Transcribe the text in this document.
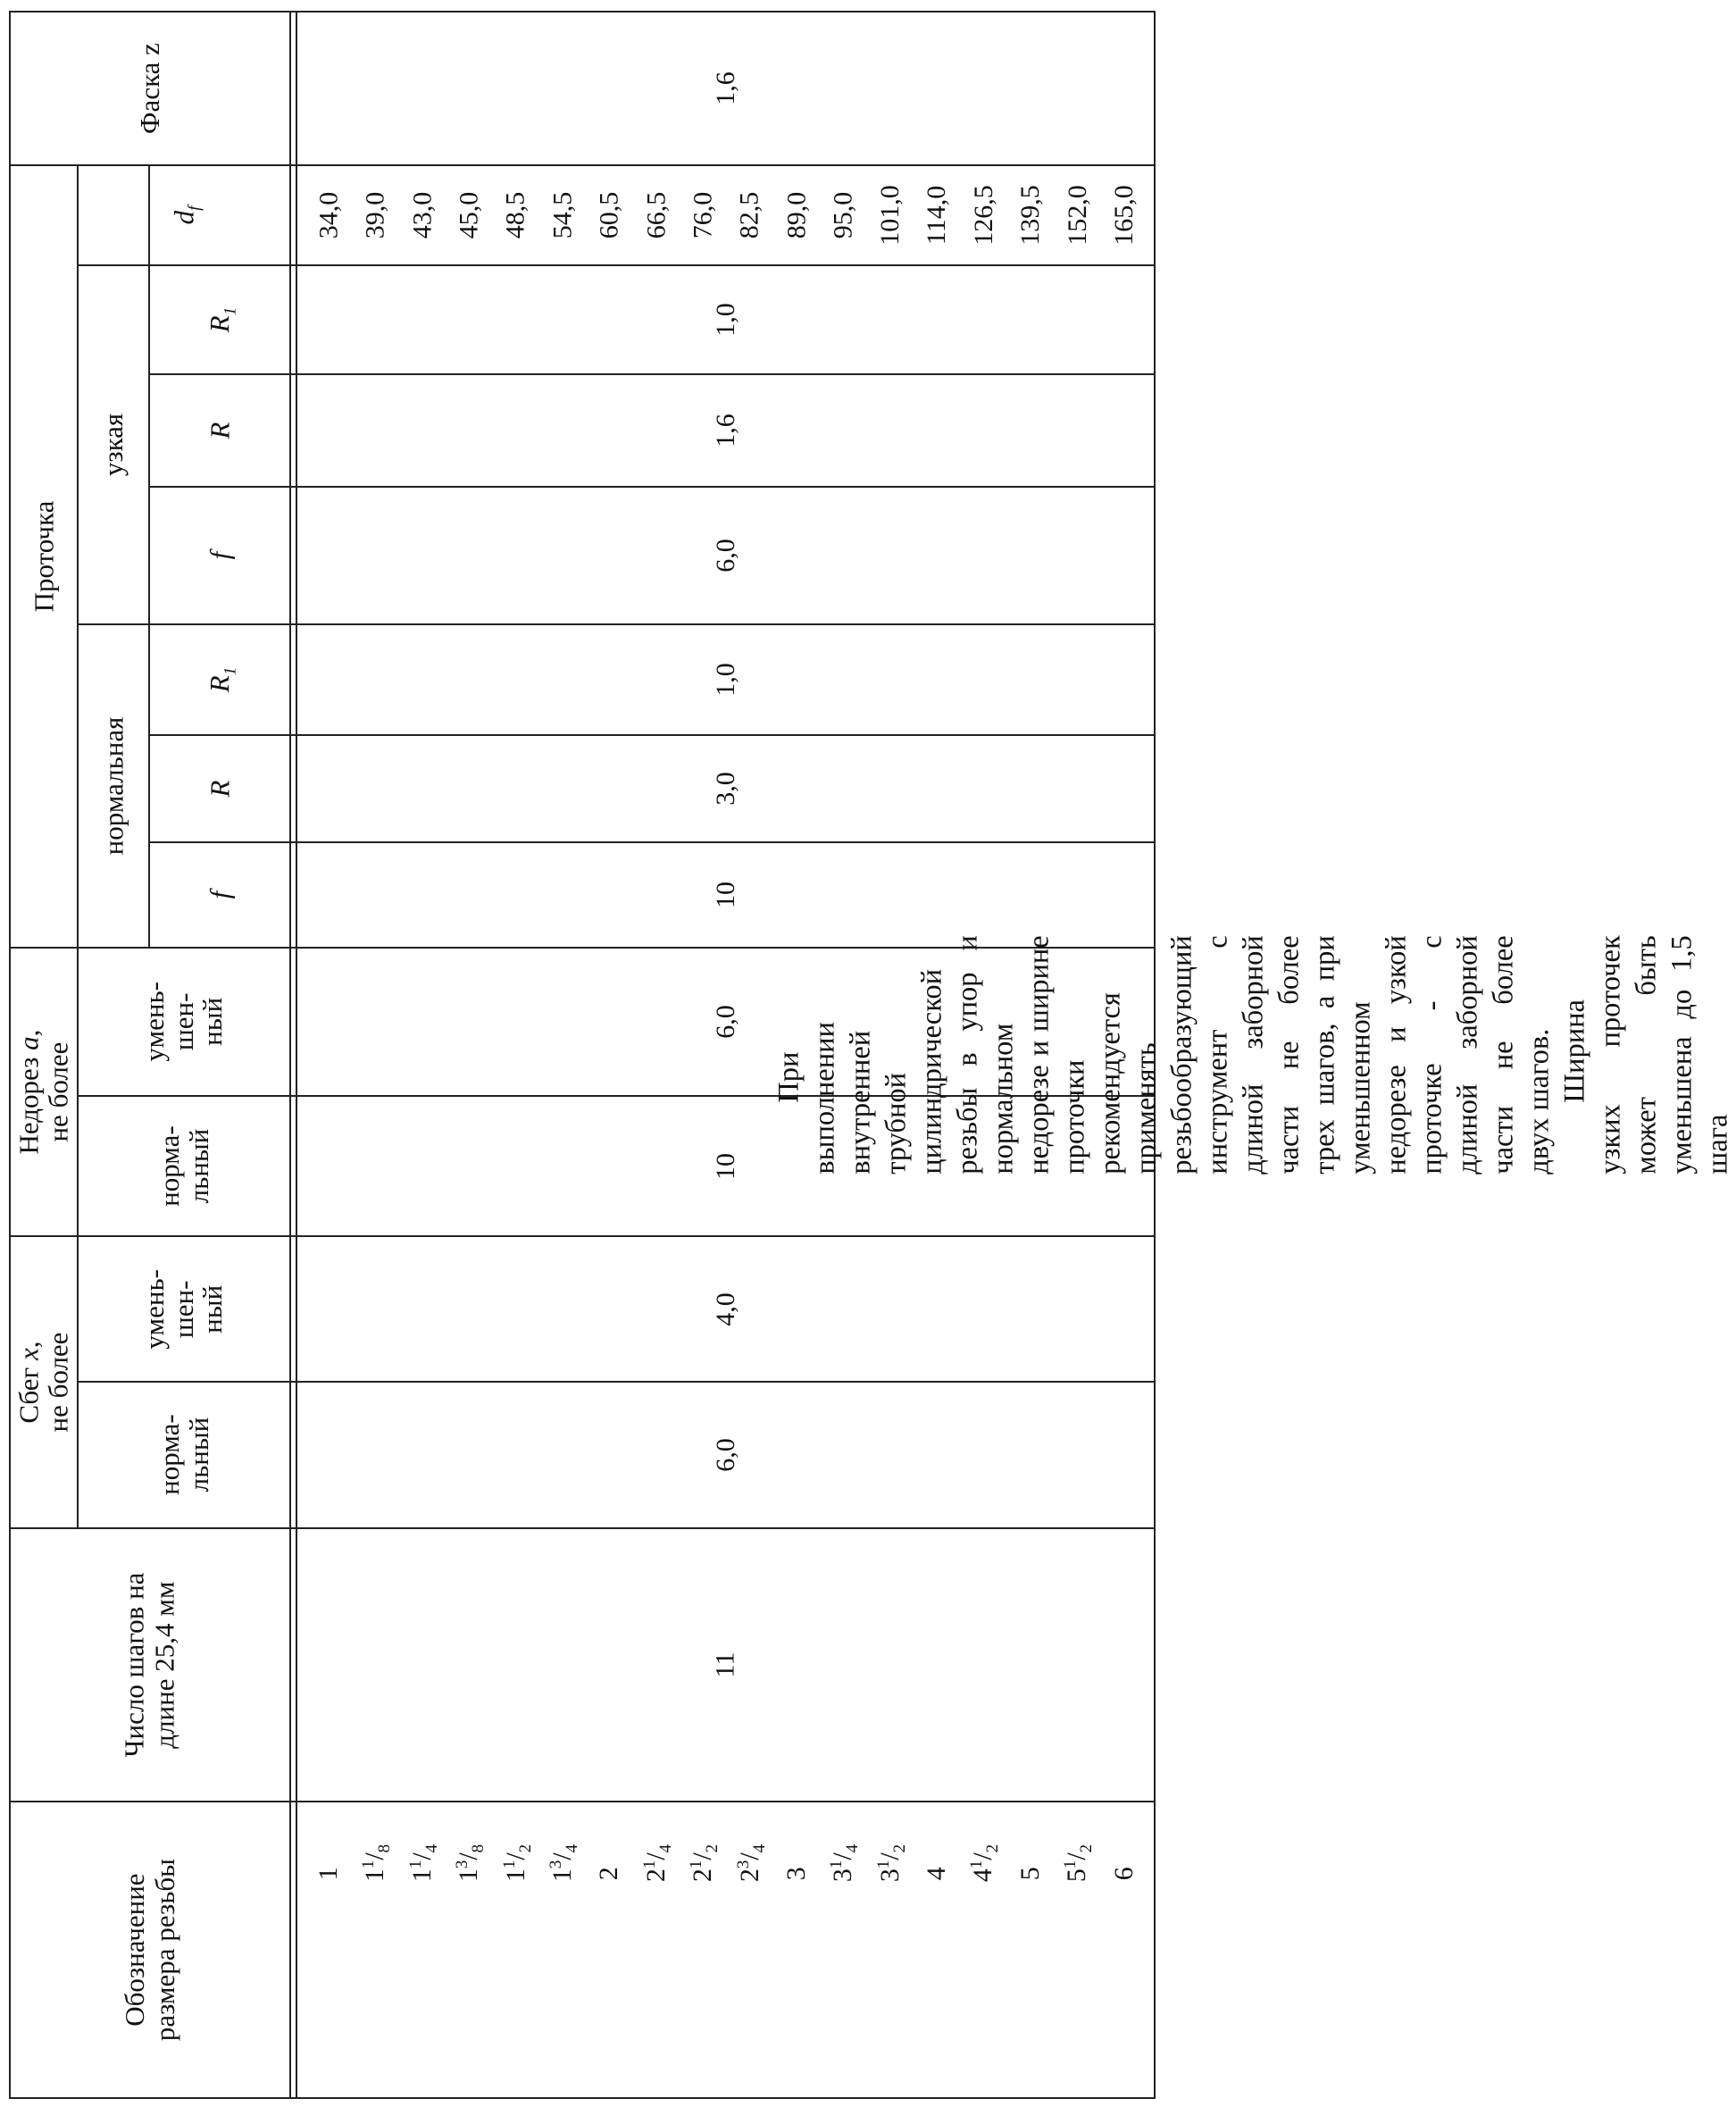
Фаска z
Проточка
$d_f$
узкая
$R_1$
R
f
нормальная
$R_1$
R
f
Недорез a,
не более
умень-
шен-
ный
норма-
льный
Сбег x,
не более
умень-
шен-
ный
норма-
льный
Число шагов на
длине 25,4 мм
Обозначение
размера резьбы
1,6
1,0
1,6
6,0
1,0
3,0
10
6,0
10
4,0
6,0
11
34,0 39,0 43,0 45,0 48,5 54,5 60,5 66,5 76,0 82,5 89,0 95,0 101,0 114,0 126,5 139,5 152,0 165,0
1 $1^1/_8$
$1^1/_4$
$1^3/_8$
$1^1/_2$
$1^3/_4$
2 $2^1/_4$
$2^1/_2$
$2^3/_4$
3 $3^1/_4$
$3^1/_2$
4 $4^1/_2$
5 $5^1/_2$
6

При выполнении внутренней трубной цилиндрической резьбы в упор и нормальном недорезе и ширине проточки рекомендуется применять резьбообразующий инструмент с длиной заборной части не более трех шагов, а при уменьшенном недорезе и узкой проточке - с длиной заборной части не более двух шагов. Ширина узких проточек может быть уменьшена до 1,5 шага
